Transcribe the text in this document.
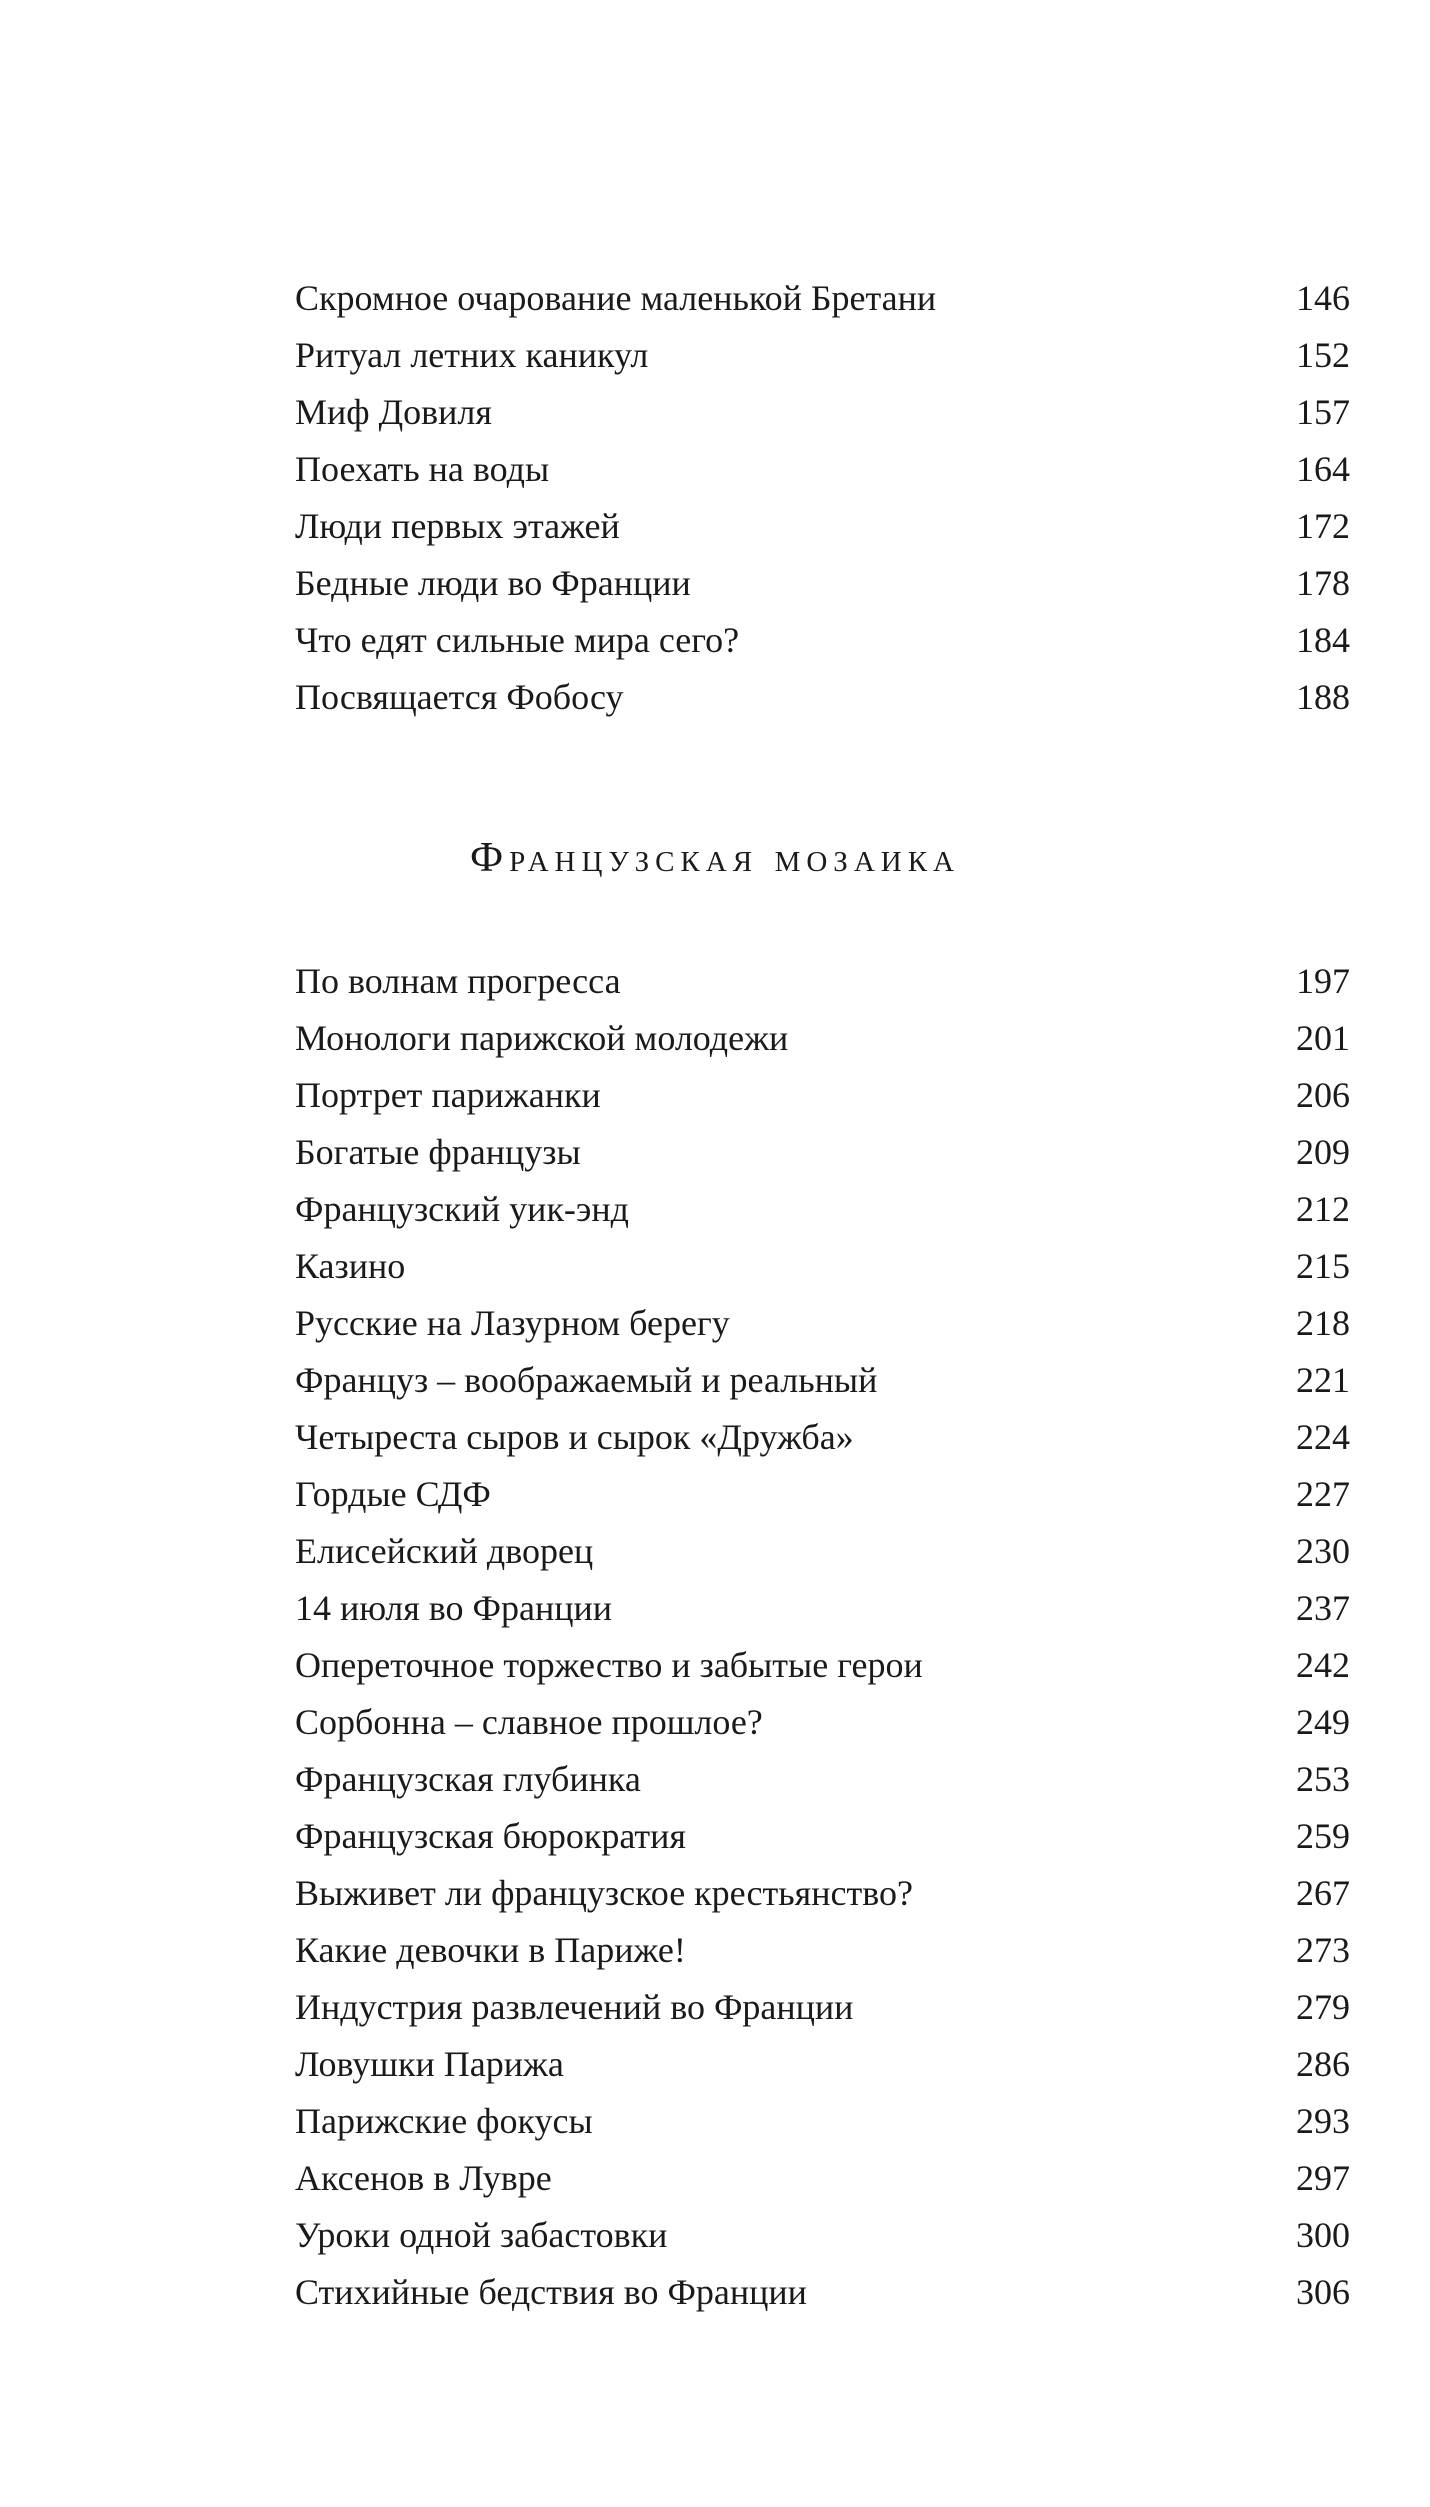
Скромное очарование маленькой Бретани	146
Ритуал летних каникул	152
Миф Довиля	157
Поехать на воды	164
Люди первых этажей	172
Бедные люди во Франции	178
Что едят сильные мира сего?	184
Посвящается Фобосу	188
Французская мозаика
По волнам прогресса	197
Монологи парижской молодежи	201
Портрет парижанки	206
Богатые французы	209
Французский уик-энд	212
Казино	215
Русские на Лазурном берегу	218
Француз – воображаемый и реальный	221
Четыреста сыров и сырок «Дружба»	224
Гордые СДФ	227
Елисейский дворец	230
14 июля во Франции	237
Опереточное торжество и забытые герои	242
Сорбонна – славное прошлое?	249
Французская глубинка	253
Французская бюрократия	259
Выживет ли французское крестьянство?	267
Какие девочки в Париже!	273
Индустрия развлечений во Франции	279
Ловушки Парижа	286
Парижские фокусы	293
Аксенов в Лувре	297
Уроки одной забастовки	300
Стихийные бедствия во Франции	306
